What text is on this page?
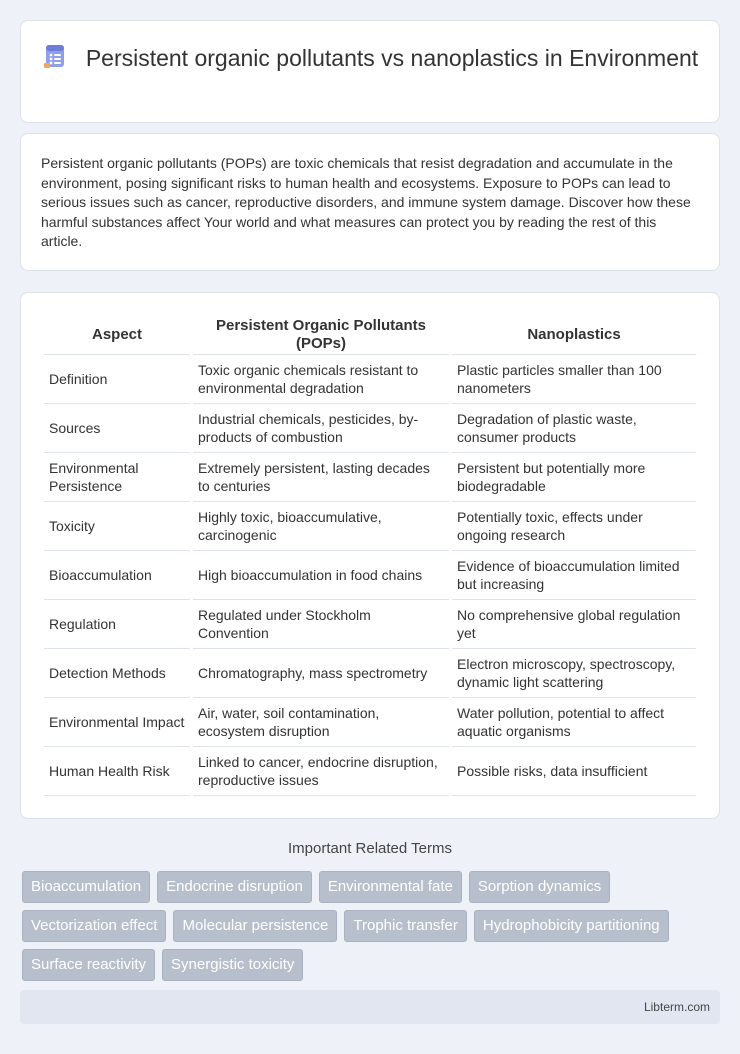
Persistent organic pollutants vs nanoplastics in Environment

Persistent organic pollutants (POPs) are toxic chemicals that resist degradation and accumulate in the environment, posing significant risks to human health and ecosystems. Exposure to POPs can lead to serious issues such as cancer, reproductive disorders, and immune system damage. Discover how these harmful substances affect Your world and what measures can protect you by reading the rest of this article.

Aspect	Persistent Organic Pollutants (POPs)	Nanoplastics
Definition	Toxic organic chemicals resistant to environmental degradation	Plastic particles smaller than 100 nanometers
Sources	Industrial chemicals, pesticides, by-products of combustion	Degradation of plastic waste, consumer products
Environmental Persistence	Extremely persistent, lasting decades to centuries	Persistent but potentially more biodegradable
Toxicity	Highly toxic, bioaccumulative, carcinogenic	Potentially toxic, effects under ongoing research
Bioaccumulation	High bioaccumulation in food chains	Evidence of bioaccumulation limited but increasing
Regulation	Regulated under Stockholm Convention	No comprehensive global regulation yet
Detection Methods	Chromatography, mass spectrometry	Electron microscopy, spectroscopy, dynamic light scattering
Environmental Impact	Air, water, soil contamination, ecosystem disruption	Water pollution, potential to affect aquatic organisms
Human Health Risk	Linked to cancer, endocrine disruption, reproductive issues	Possible risks, data insufficient
Important Related Terms
Bioaccumulation	Endocrine disruption	Environmental fate	Sorption dynamics
Vectorization effect	Molecular persistence	Trophic transfer	Hydrophobicity partitioning
Surface reactivity	Synergistic toxicity
Libterm.com
